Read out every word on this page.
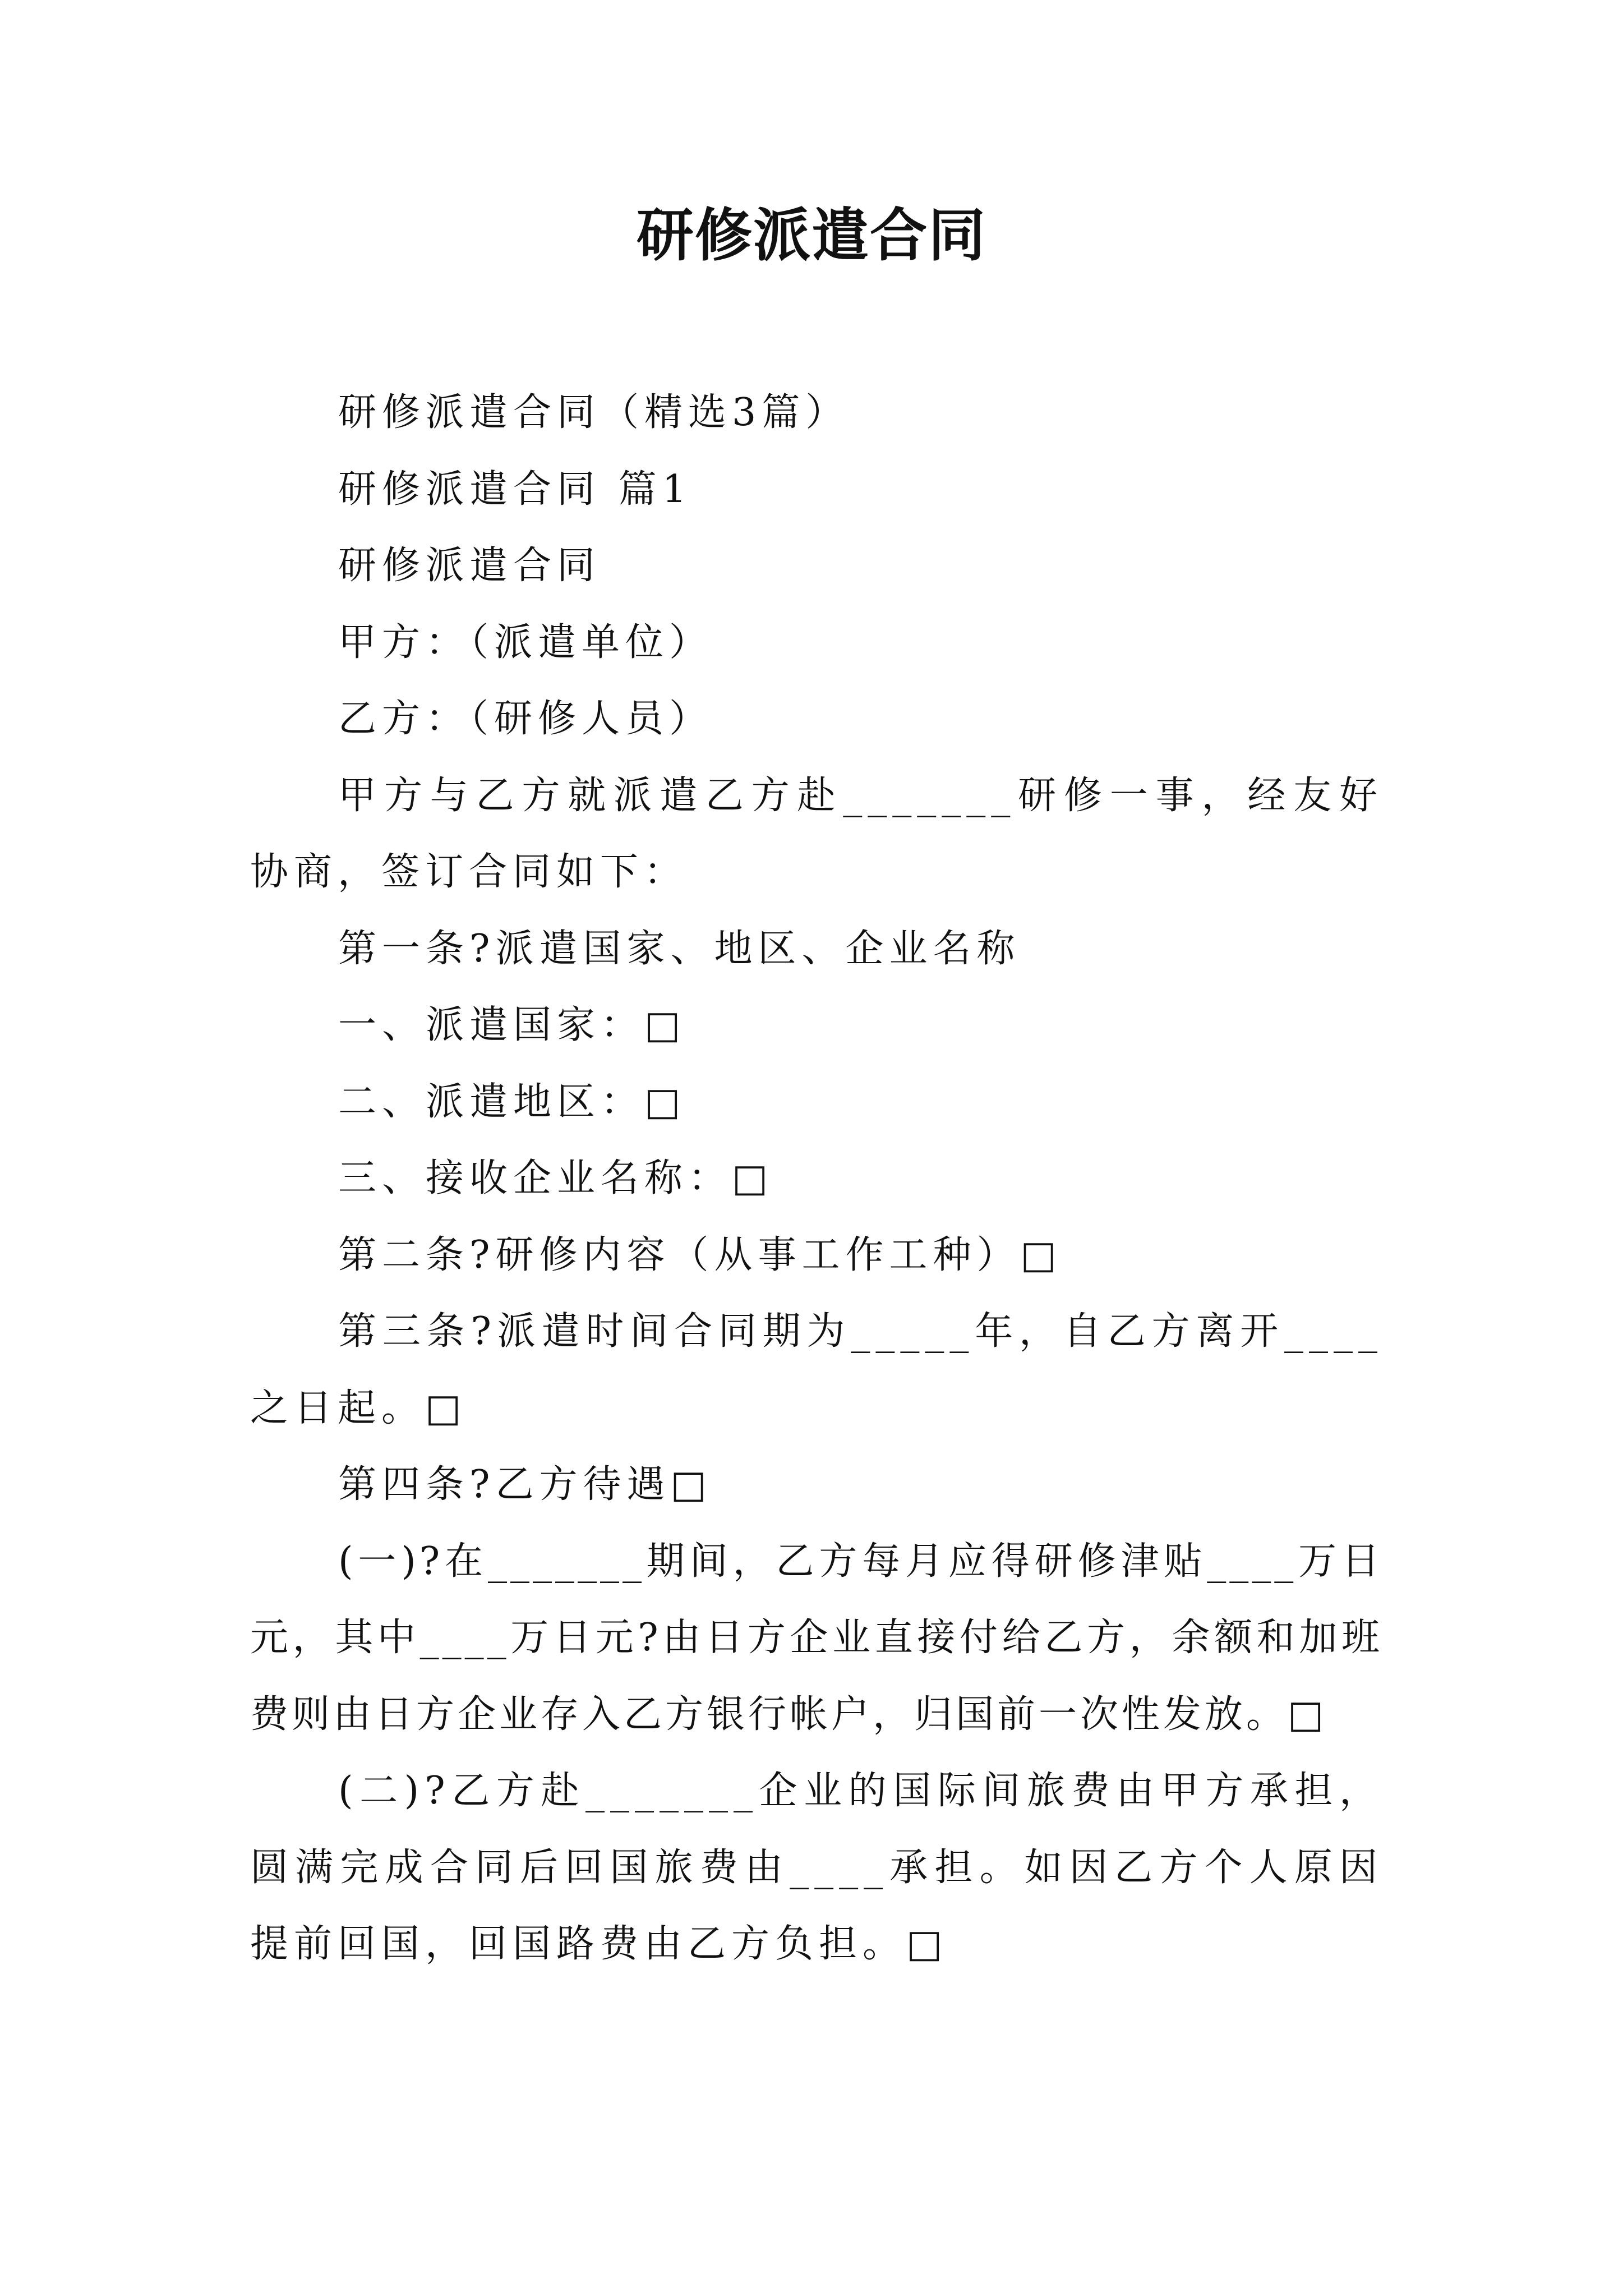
研修派遣合同

研修派遣合同（精选3篇）

研修派遣合同 篇1

研修派遣合同

甲方：（派遣单位）

乙方：（研修人员）

甲方与乙方就派遣乙方赴_______研修一事，经友好协商，签订合同如下：

第一条?派遣国家、地区、企业名称

一、派遣国家：□

二、派遣地区：□

三、接收企业名称：□

第二条?研修内容（从事工作工种）□

第三条?派遣时间合同期为_____年，自乙方离开____之日起。□

第四条?乙方待遇□

(一)?在_______期间，乙方每月应得研修津贴____万日元，其中____万日元?由日方企业直接付给乙方，余额和加班费则由日方企业存入乙方银行帐户，归国前一次性发放。□

(二)?乙方赴_______企业的国际间旅费由甲方承担，圆满完成合同后回国旅费由____承担。如因乙方个人原因提前回国，回国路费由乙方负担。□
